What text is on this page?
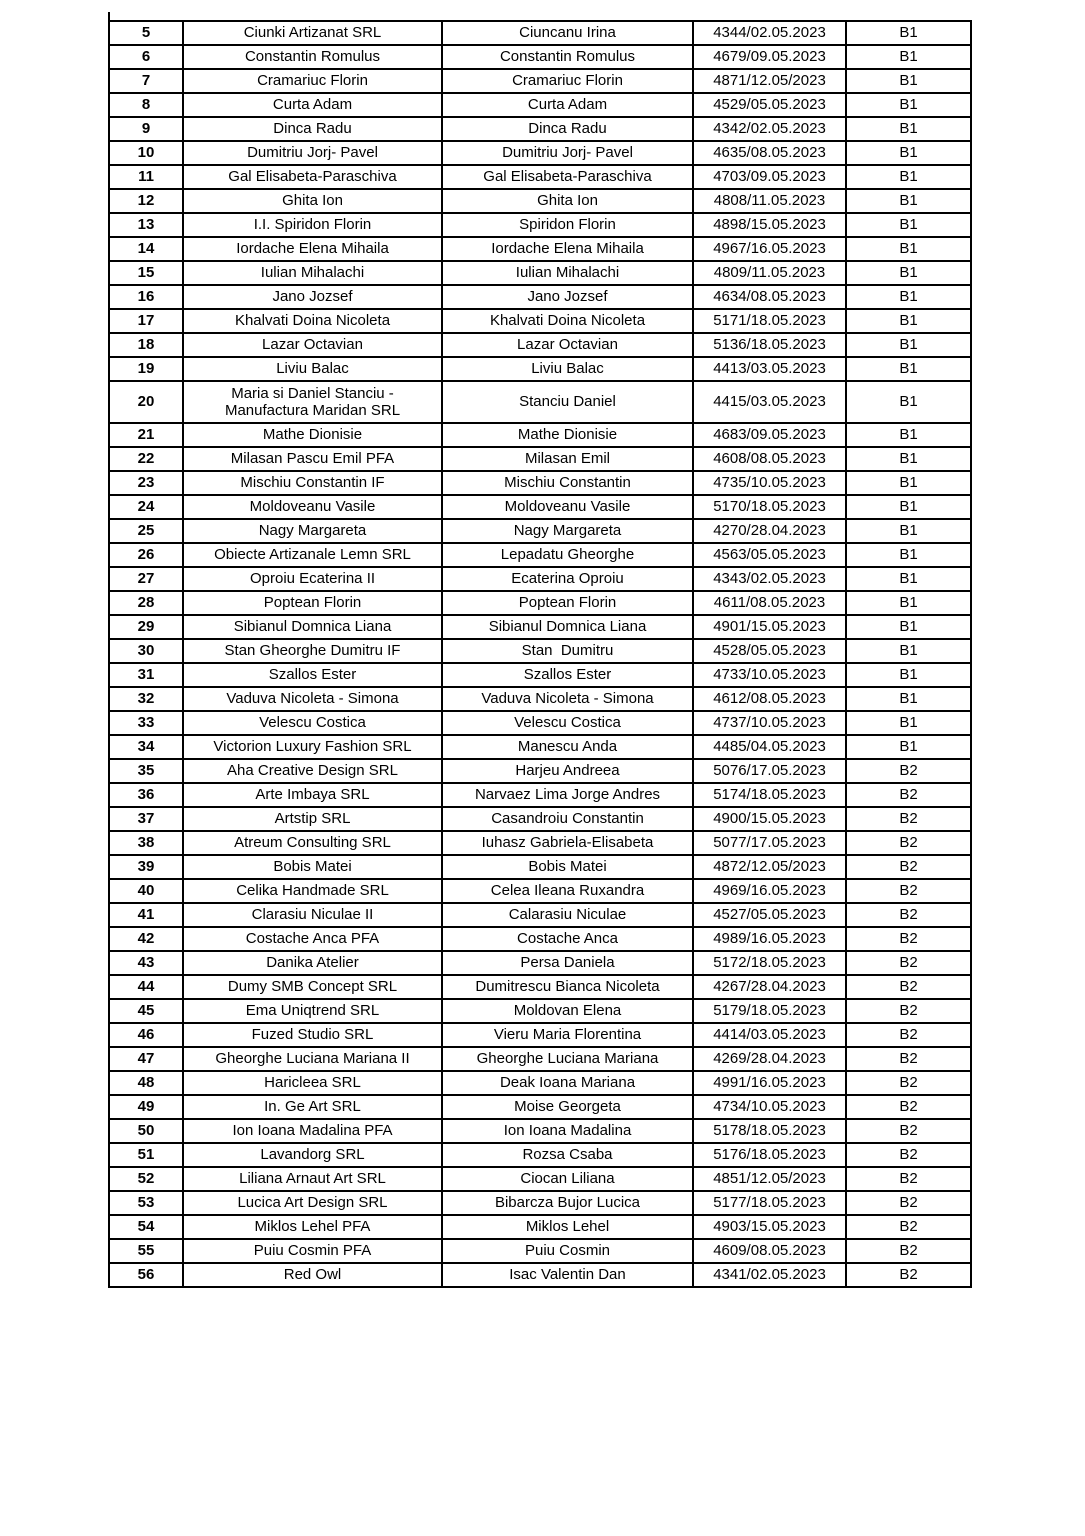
5	Ciunki Artizanat SRL	Ciuncanu Irina	4344/02.05.2023	B1
6	Constantin Romulus	Constantin Romulus	4679/09.05.2023	B1
7	Cramariuc Florin	Cramariuc Florin	4871/12.05/2023	B1
8	Curta Adam	Curta Adam	4529/05.05.2023	B1
9	Dinca Radu	Dinca Radu	4342/02.05.2023	B1
10	Dumitriu Jorj- Pavel	Dumitriu Jorj- Pavel	4635/08.05.2023	B1
11	Gal Elisabeta-Paraschiva	Gal Elisabeta-Paraschiva	4703/09.05.2023	B1
12	Ghita Ion	Ghita Ion	4808/11.05.2023	B1
13	I.I. Spiridon Florin	Spiridon Florin	4898/15.05.2023	B1
14	Iordache Elena Mihaila	Iordache Elena Mihaila	4967/16.05.2023	B1
15	Iulian Mihalachi	Iulian Mihalachi	4809/11.05.2023	B1
16	Jano Jozsef	Jano Jozsef	4634/08.05.2023	B1
17	Khalvati Doina Nicoleta	Khalvati Doina Nicoleta	5171/18.05.2023	B1
18	Lazar Octavian	Lazar Octavian	5136/18.05.2023	B1
19	Liviu Balac	Liviu Balac	4413/03.05.2023	B1
20	Maria si Daniel Stanciu - Manufactura Maridan SRL	Stanciu Daniel	4415/03.05.2023	B1
21	Mathe Dionisie	Mathe Dionisie	4683/09.05.2023	B1
22	Milasan Pascu Emil PFA	Milasan Emil	4608/08.05.2023	B1
23	Mischiu Constantin IF	Mischiu Constantin	4735/10.05.2023	B1
24	Moldoveanu Vasile	Moldoveanu Vasile	5170/18.05.2023	B1
25	Nagy Margareta	Nagy Margareta	4270/28.04.2023	B1
26	Obiecte Artizanale Lemn SRL	Lepadatu Gheorghe	4563/05.05.2023	B1
27	Oproiu Ecaterina II	Ecaterina Oproiu	4343/02.05.2023	B1
28	Poptean Florin	Poptean Florin	4611/08.05.2023	B1
29	Sibianul Domnica Liana	Sibianul Domnica Liana	4901/15.05.2023	B1
30	Stan Gheorghe Dumitru IF	Stan  Dumitru	4528/05.05.2023	B1
31	Szallos Ester	Szallos Ester	4733/10.05.2023	B1
32	Vaduva Nicoleta - Simona	Vaduva Nicoleta - Simona	4612/08.05.2023	B1
33	Velescu Costica	Velescu Costica	4737/10.05.2023	B1
34	Victorion Luxury Fashion SRL	Manescu Anda	4485/04.05.2023	B1
35	Aha Creative Design SRL	Harjeu Andreea	5076/17.05.2023	B2
36	Arte Imbaya SRL	Narvaez Lima Jorge Andres	5174/18.05.2023	B2
37	Artstip SRL	Casandroiu Constantin	4900/15.05.2023	B2
38	Atreum Consulting SRL	Iuhasz Gabriela-Elisabeta	5077/17.05.2023	B2
39	Bobis Matei	Bobis Matei	4872/12.05/2023	B2
40	Celika Handmade SRL	Celea Ileana Ruxandra	4969/16.05.2023	B2
41	Clarasiu Niculae II	Calarasiu Niculae	4527/05.05.2023	B2
42	Costache Anca PFA	Costache Anca	4989/16.05.2023	B2
43	Danika Atelier	Persa Daniela	5172/18.05.2023	B2
44	Dumy SMB Concept SRL	Dumitrescu Bianca Nicoleta	4267/28.04.2023	B2
45	Ema Uniqtrend SRL	Moldovan Elena	5179/18.05.2023	B2
46	Fuzed Studio SRL	Vieru Maria Florentina	4414/03.05.2023	B2
47	Gheorghe Luciana Mariana II	Gheorghe Luciana Mariana	4269/28.04.2023	B2
48	Haricleea SRL	Deak Ioana Mariana	4991/16.05.2023	B2
49	In. Ge Art SRL	Moise Georgeta	4734/10.05.2023	B2
50	Ion Ioana Madalina PFA	Ion Ioana Madalina	5178/18.05.2023	B2
51	Lavandorg SRL	Rozsa Csaba	5176/18.05.2023	B2
52	Liliana Arnaut Art SRL	Ciocan Liliana	4851/12.05/2023	B2
53	Lucica Art Design SRL	Bibarcza Bujor Lucica	5177/18.05.2023	B2
54	Miklos Lehel PFA	Miklos Lehel	4903/15.05.2023	B2
55	Puiu Cosmin PFA	Puiu Cosmin	4609/08.05.2023	B2
56	Red Owl	Isac Valentin Dan	4341/02.05.2023	B2
